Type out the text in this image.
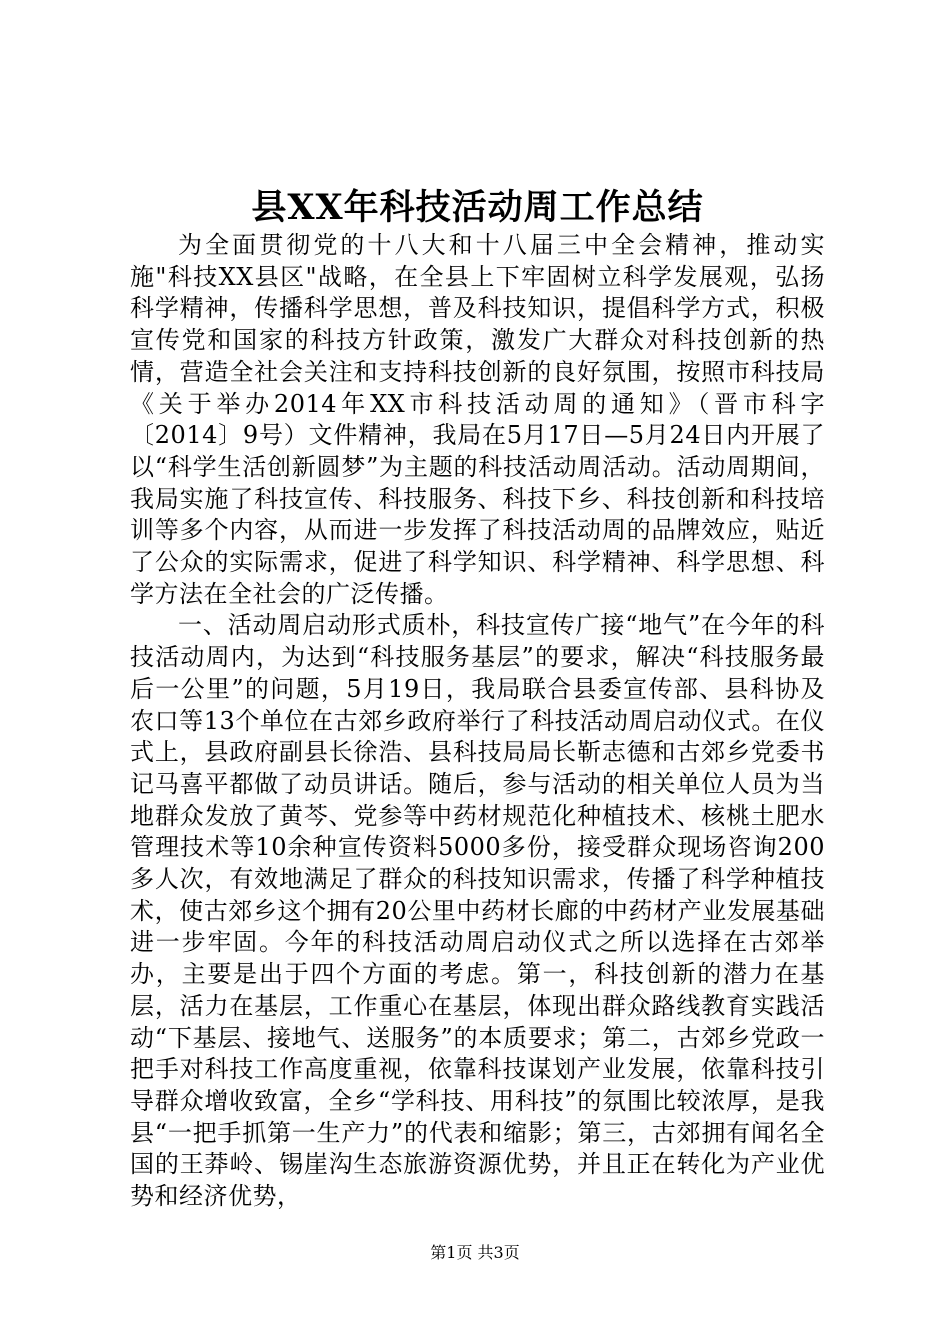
县XX年科技活动周工作总结

为全面贯彻党的十八大和十八届三中全会精神，推动实施"科技XX县区"战略，在全县上下牢固树立科学发展观，弘扬科学精神，传播科学思想，普及科技知识，提倡科学方式，积极宣传党和国家的科技方针政策，激发广大群众对科技创新的热情，营造全社会关注和支持科技创新的良好氛围，按照市科技局《关于举办2014年XX市科技活动周的通知》（晋市科字〔2014〕9号）文件精神，我局在5月17日—5月24日内开展了以“科学生活创新圆梦”为主题的科技活动周活动。活动周期间，我局实施了科技宣传、科技服务、科技下乡、科技创新和科技培训等多个内容，从而进一步发挥了科技活动周的品牌效应，贴近了公众的实际需求，促进了科学知识、科学精神、科学思想、科学方法在全社会的广泛传播。

一、活动周启动形式质朴，科技宣传广接“地气”在今年的科技活动周内，为达到“科技服务基层”的要求，解决“科技服务最后一公里”的问题，5月19日，我局联合县委宣传部、县科协及农口等13个单位在古郊乡政府举行了科技活动周启动仪式。在仪式上，县政府副县长徐浩、县科技局局长靳志德和古郊乡党委书记马喜平都做了动员讲话。随后，参与活动的相关单位人员为当地群众发放了黄芩、党参等中药材规范化种植技术、核桃土肥水管理技术等10余种宣传资料5000多份，接受群众现场咨询200多人次，有效地满足了群众的科技知识需求，传播了科学种植技术，使古郊乡这个拥有20公里中药材长廊的中药材产业发展基础进一步牢固。今年的科技活动周启动仪式之所以选择在古郊举办，主要是出于四个方面的考虑。第一，科技创新的潜力在基层，活力在基层，工作重心在基层，体现出群众路线教育实践活动“下基层、接地气、送服务”的本质要求；第二，古郊乡党政一把手对科技工作高度重视，依靠科技谋划产业发展，依靠科技引导群众增收致富，全乡“学科技、用科技”的氛围比较浓厚，是我县“一把手抓第一生产力”的代表和缩影；第三，古郊拥有闻名全国的王莽岭、锡崖沟生态旅游资源优势，并且正在转化为产业优势和经济优势，

第1页 共3页
